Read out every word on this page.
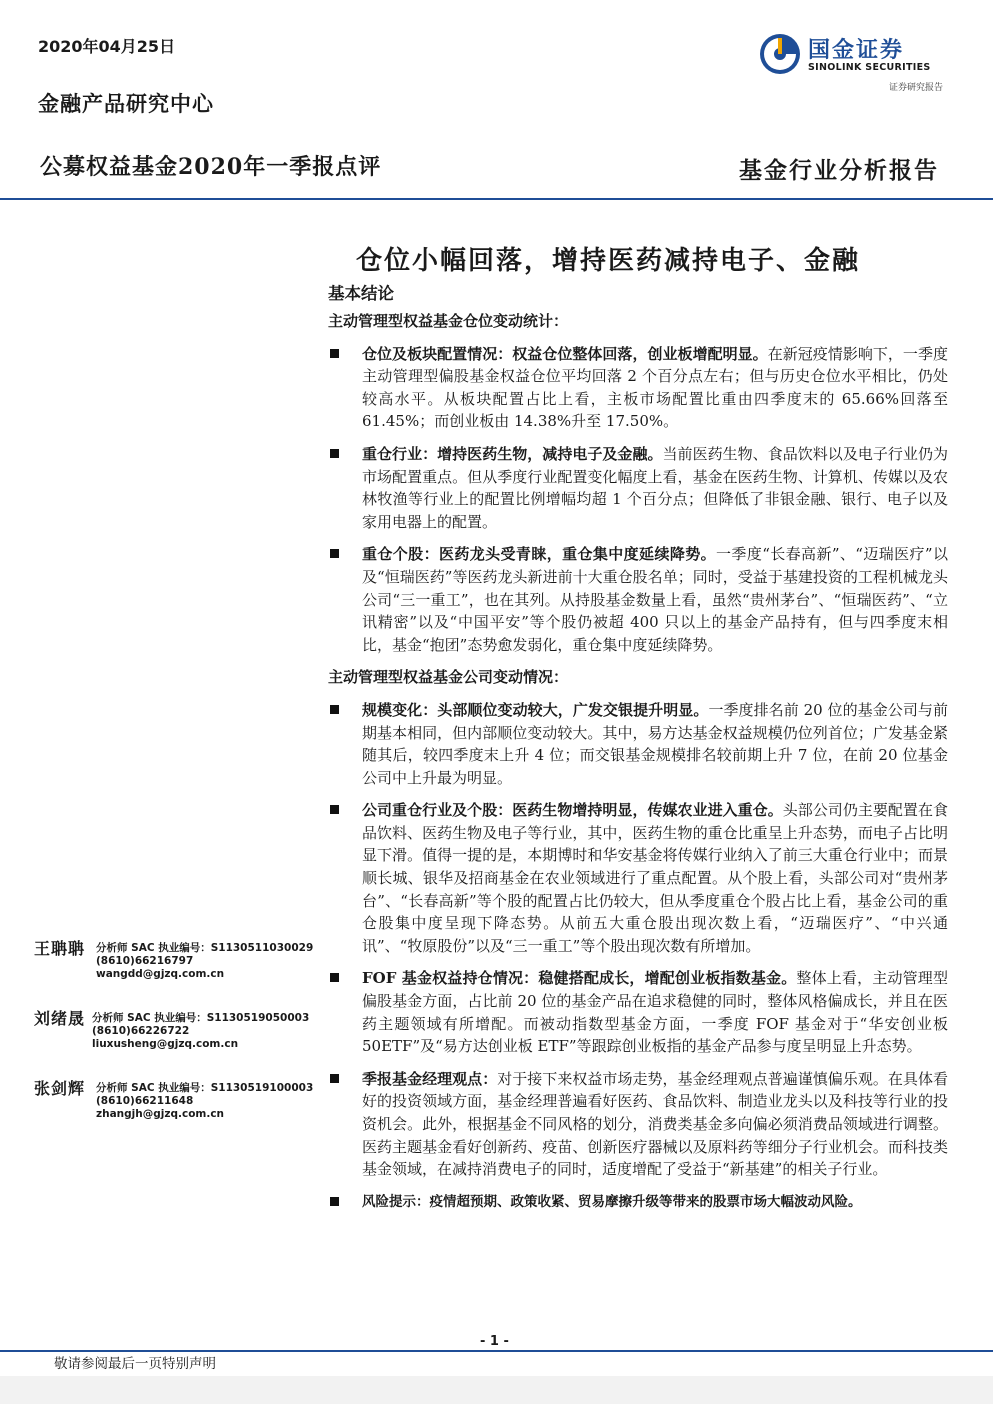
2020年04月25日
金融产品研究中心
公募权益基金2020年一季报点评	基金行业分析报告
国金证券
SINOLINK SECURITIES
证券研究报告
仓位小幅回落，增持医药减持电子、金融
基本结论
主动管理型权益基金仓位变动统计：
仓位及板块配置情况：权益仓位整体回落，创业板增配明显。在新冠疫情影响下，一季度主动管理型偏股基金权益仓位平均回落 2 个百分点左右；但与历史仓位水平相比，仍处较高水平。从板块配置占比上看，主板市场配置比重由四季度末的 65.66%回落至 61.45%；而创业板由 14.38%升至 17.50%。
重仓行业：增持医药生物，减持电子及金融。当前医药生物、食品饮料以及电子行业仍为市场配置重点。但从季度行业配置变化幅度上看，基金在医药生物、计算机、传媒以及农林牧渔等行业上的配置比例增幅均超 1 个百分点；但降低了非银金融、银行、电子以及家用电器上的配置。
重仓个股：医药龙头受青睐，重仓集中度延续降势。一季度“长春高新”、“迈瑞医疗”以及“恒瑞医药”等医药龙头新进前十大重仓股名单；同时，受益于基建投资的工程机械龙头公司“三一重工”，也在其列。从持股基金数量上看，虽然“贵州茅台”、“恒瑞医药”、“立讯精密”以及“中国平安”等个股仍被超 400 只以上的基金产品持有，但与四季度末相比，基金“抱团”态势愈发弱化，重仓集中度延续降势。
主动管理型权益基金公司变动情况：
规模变化：头部顺位变动较大，广发交银提升明显。一季度排名前 20 位的基金公司与前期基本相同，但内部顺位变动较大。其中，易方达基金权益规模仍位列首位；广发基金紧随其后，较四季度末上升 4 位；而交银基金规模排名较前期上升 7 位，在前 20 位基金公司中上升最为明显。
公司重仓行业及个股：医药生物增持明显，传媒农业进入重仓。头部公司仍主要配置在食品饮料、医药生物及电子等行业，其中，医药生物的重仓比重呈上升态势，而电子占比明显下滑。值得一提的是，本期博时和华安基金将传媒行业纳入了前三大重仓行业中；而景顺长城、银华及招商基金在农业领域进行了重点配置。从个股上看，头部公司对“贵州茅台”、“长春高新”等个股的配置占比仍较大，但从季度重仓个股占比上看，基金公司的重仓股集中度呈现下降态势。从前五大重仓股出现次数上看，“迈瑞医疗”、“中兴通讯”、“牧原股份”以及“三一重工”等个股出现次数有所增加。
FOF 基金权益持仓情况：稳健搭配成长，增配创业板指数基金。整体上看，主动管理型偏股基金方面，占比前 20 位的基金产品在追求稳健的同时，整体风格偏成长，并且在医药主题领域有所增配。而被动指数型基金方面，一季度 FOF 基金对于“华安创业板 50ETF”及“易方达创业板 ETF”等跟踪创业板指的基金产品参与度呈明显上升态势。
季报基金经理观点：对于接下来权益市场走势，基金经理观点普遍谨慎偏乐观。在具体看好的投资领域方面，基金经理普遍看好医药、食品饮料、制造业龙头以及科技等行业的投资机会。此外，根据基金不同风格的划分，消费类基金多向偏必须消费品领域进行调整。医药主题基金看好创新药、疫苗、创新医疗器械以及原料药等细分子行业机会。而科技类基金领域，在减持消费电子的同时，适度增配了受益于“新基建”的相关子行业。
风险提示：疫情超预期、政策收紧、贸易摩擦升级等带来的股票市场大幅波动风险。
王聃聃 分析师 SAC 执业编号：S1130511030029
(8610)66216797
wangdd@gjzq.com.cn
刘绪晟 分析师 SAC 执业编号：S1130519050003
(8610)66226722
liuxusheng@gjzq.com.cn
张剑辉 分析师 SAC 执业编号：S1130519100003
(8610)66211648
zhangjh@gjzq.com.cn
- 1 -
敬请参阅最后一页特别声明
